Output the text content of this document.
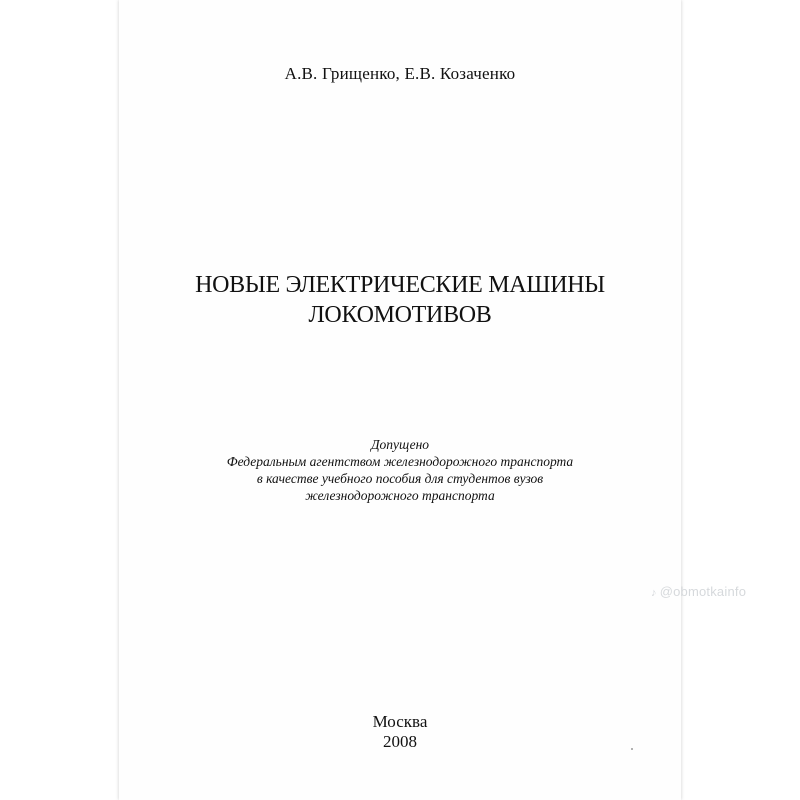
А.В. Грищенко, Е.В. Козаченко
НОВЫЕ ЭЛЕКТРИЧЕСКИЕ МАШИНЫ
ЛОКОМОТИВОВ
Допущено
Федеральным агентством железнодорожного транспорта
в качестве учебного пособия для студентов вузов
железнодорожного транспорта
Москва
2008
♪ @obmotkainfo
